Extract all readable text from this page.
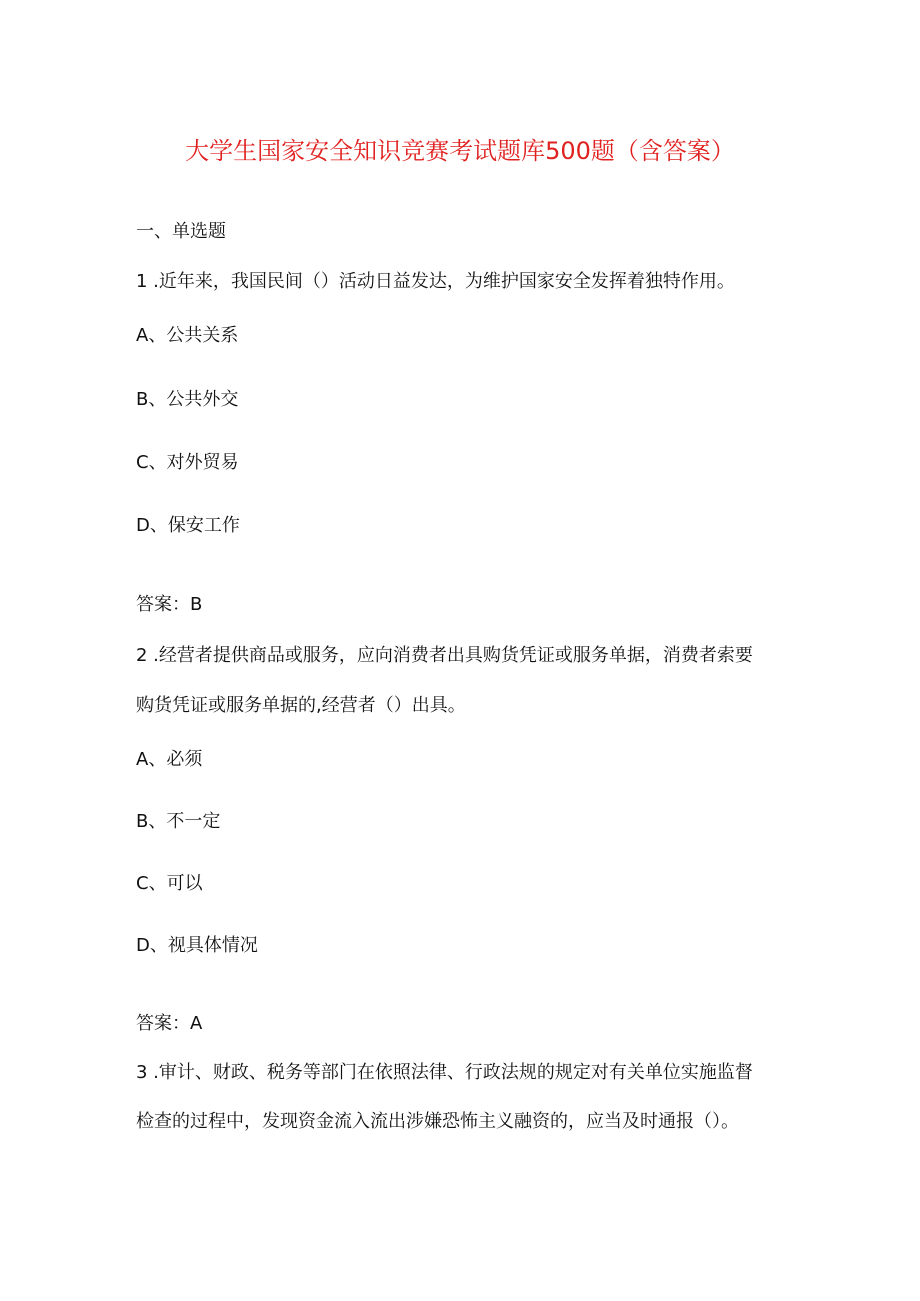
大学生国家安全知识竞赛考试题库500题（含答案）
一、单选题
1 .近年来，我国民间（）活动日益发达，为维护国家安全发挥着独特作用。
A、公共关系
B、公共外交
C、对外贸易
D、保安工作
答案：B
2 .经营者提供商品或服务，应向消费者出具购货凭证或服务单据，消费者索要
购货凭证或服务单据的,经营者（）出具。
A、必须
B、不一定
C、可以
D、视具体情况
答案：A
3 .审计、财政、税务等部门在依照法律、行政法规的规定对有关单位实施监督
检查的过程中，发现资金流入流出涉嫌恐怖主义融资的，应当及时通报（）。
